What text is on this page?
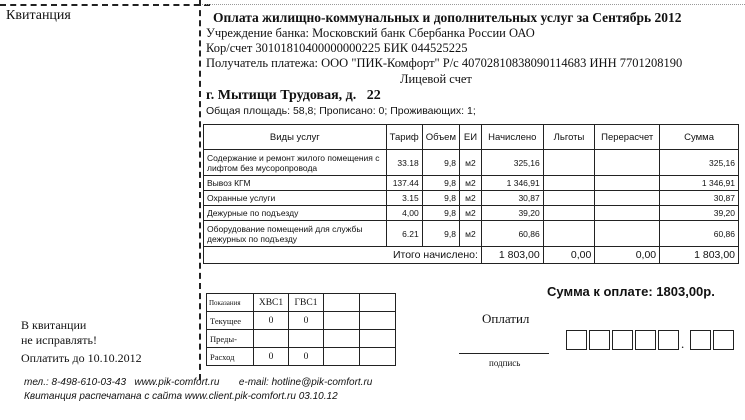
Квитанция
В квитанции
не исправлять!
Оплатить до 10.10.2012
Оплата жилищно-коммунальных и дополнительных услуг за Сентябрь 2012
Учреждение банка: Московский банк Сбербанка России ОАО
Кор/счет 30101810400000000225 БИК 044525225
Получатель платежа: ООО "ПИК-Комфорт" Р/с 40702810838090114683 ИНН 7701208190
Лицевой счет
г. Мытищи Трудовая, д.   22
Общая площадь: 58,8; Прописано: 0; Проживающих: 1;
Виды услуг	Тариф	Объем	ЕИ	Начислено	Льготы	Перерасчет	Сумма
Содержание и ремонт жилого помещения с лифтом без мусоропровода	33.18	9,8	м2	325,16			325,16
Вывоз КГМ	137.44	9,8	м2	1 346,91			1 346,91
Охранные услуги	3.15	9,8	м2	30,87			30,87
Дежурные по подъезду	4,00	9,8	м2	39,20			39,20
Оборудование помещений для службы дежурных по подъезду	6.21	9,8	м2	60,86			60,86
Итого начислено:				1 803,00	0,00	0,00	1 803,00
Показания	ХВС1	ГВС1		
Текущее	0	0		
Преды-				
Расход	0	0		
Сумма к оплате: 1803,00р.
Оплатил
подпись
.
тел.: 8-498-610-03-43   www.pik-comfort.ru       e-mail: hotline@pik-comfort.ru
Квитанция распечатана с сайта www.client.pik-comfort.ru 03.10.12
